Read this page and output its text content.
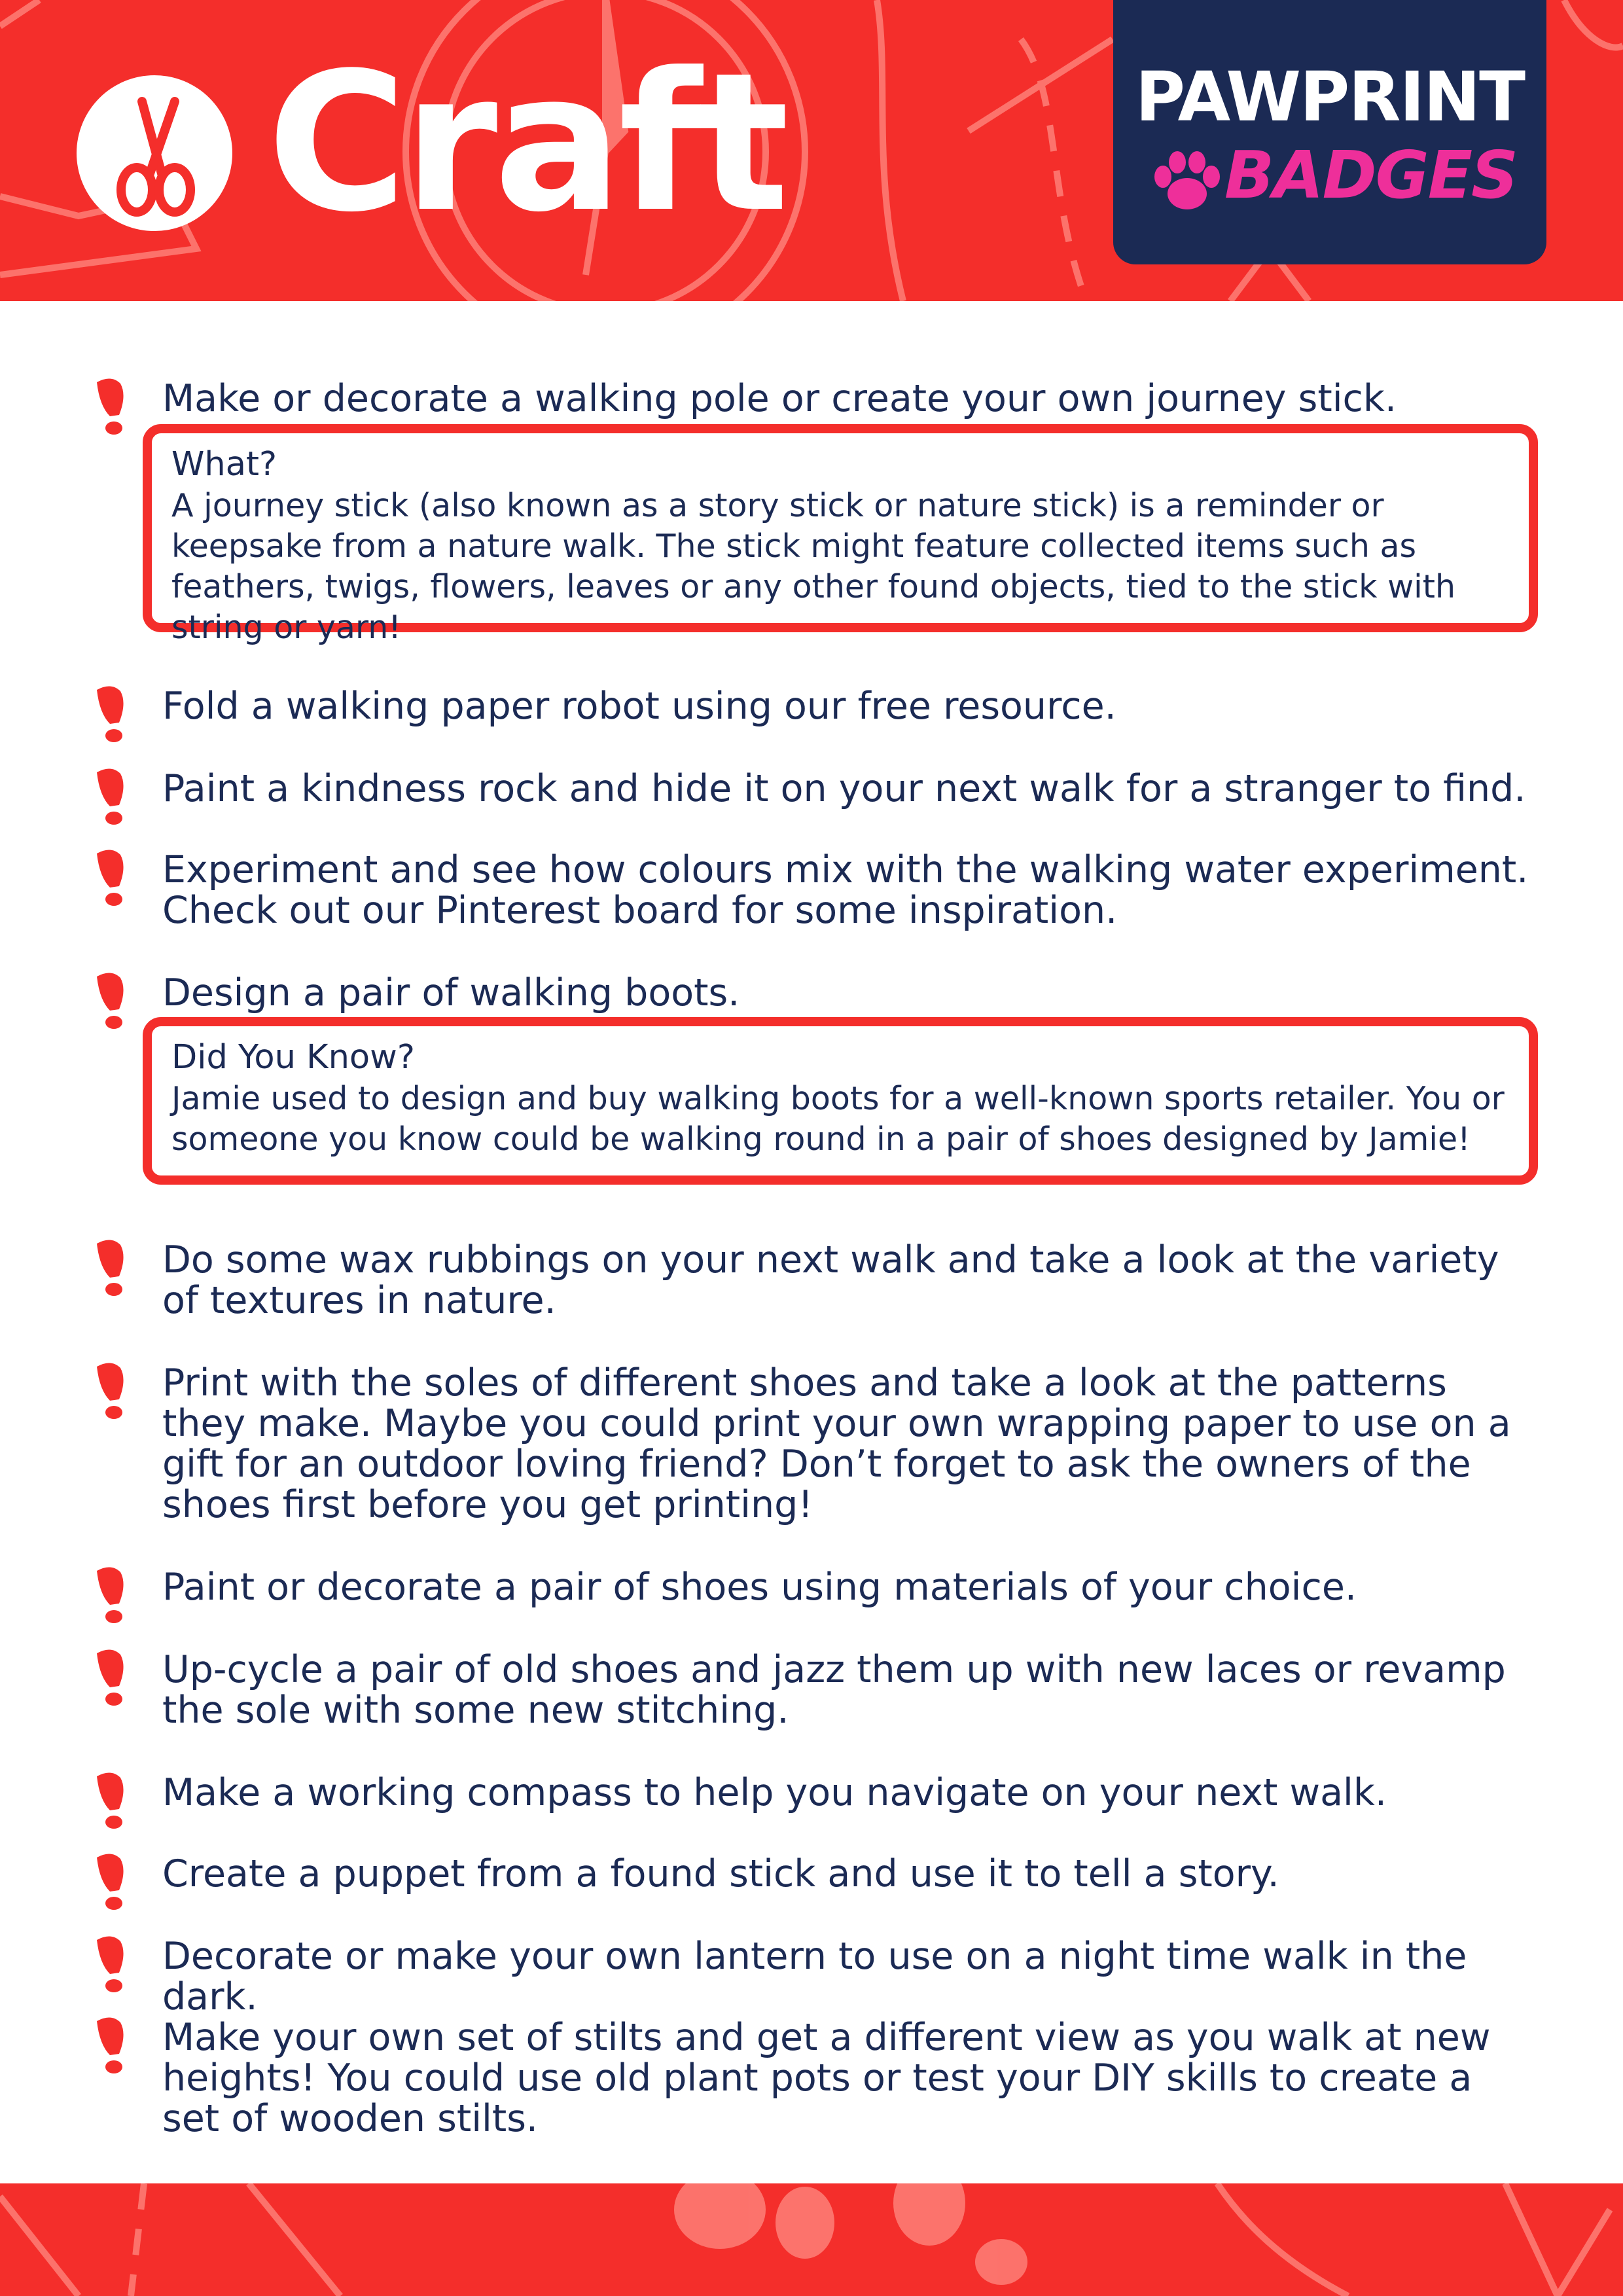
Craft	PAWPRINT
BADGES
Make or decorate a walking pole or create your own journey stick.
What?
A journey stick (also known as a story stick or nature stick) is a reminder or keepsake from a nature walk. The stick might feature collected items such as feathers, twigs, flowers, leaves or any other found objects, tied to the stick with string or yarn!
Fold a walking paper robot using our free resource.
Paint a kindness rock and hide it on your next walk for a stranger to find.
Experiment and see how colours mix with the walking water experiment. Check out our Pinterest board for some inspiration.
Design a pair of walking boots.
Did You Know?
Jamie used to design and buy walking boots for a well-known sports retailer. You or someone you know could be walking round in a pair of shoes designed by Jamie!
Do some wax rubbings on your next walk and take a look at the variety of textures in nature.
Print with the soles of different shoes and take a look at the patterns they make. Maybe you could print your own wrapping paper to use on a gift for an outdoor loving friend? Don’t forget to ask the owners of the shoes first before you get printing!
Paint or decorate a pair of shoes using materials of your choice.
Up-cycle a pair of old shoes and jazz them up with new laces or revamp the sole with some new stitching.
Make a working compass to help you navigate on your next walk.
Create a puppet from a found stick and use it to tell a story.
Decorate or make your own lantern to use on a night time walk in the dark.
Make your own set of stilts and get a different view as you walk at new heights! You could use old plant pots or test your DIY skills to create a set of wooden stilts.
